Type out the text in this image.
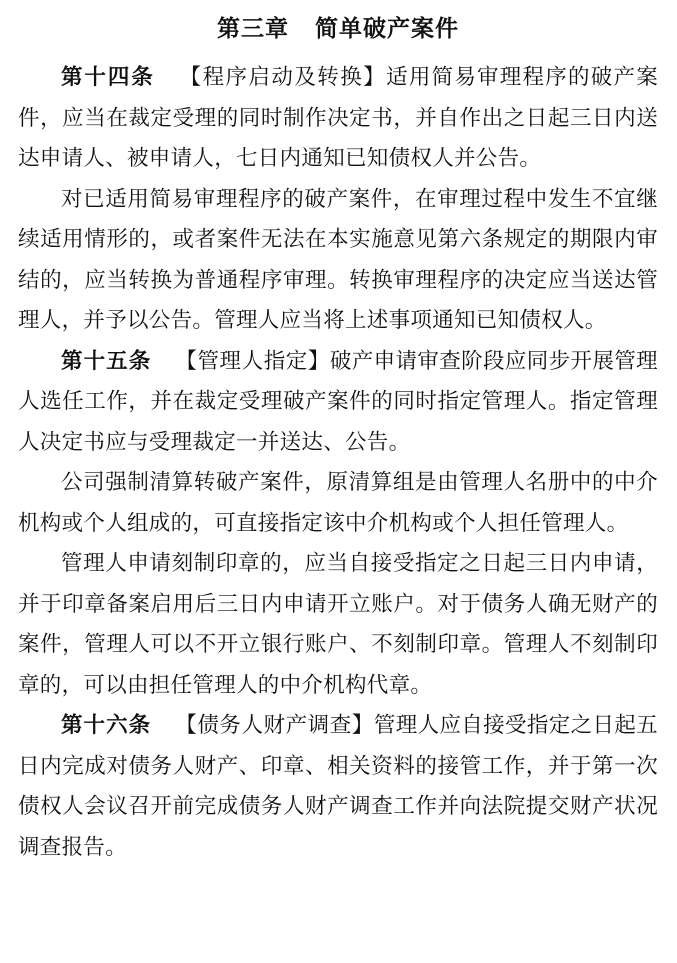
第三章 简单破产案件

第十四条 【程序启动及转换】适用简易审理程序的破产案件，应当在裁定受理的同时制作决定书，并自作出之日起三日内送达申请人、被申请人，七日内通知已知债权人并公告。

对已适用简易审理程序的破产案件，在审理过程中发生不宜继续适用情形的，或者案件无法在本实施意见第六条规定的期限内审结的，应当转换为普通程序审理。转换审理程序的决定应当送达管理人，并予以公告。管理人应当将上述事项通知已知债权人。

第十五条 【管理人指定】破产申请审查阶段应同步开展管理人选任工作，并在裁定受理破产案件的同时指定管理人。指定管理人决定书应与受理裁定一并送达、公告。

公司强制清算转破产案件，原清算组是由管理人名册中的中介机构或个人组成的，可直接指定该中介机构或个人担任管理人。

管理人申请刻制印章的，应当自接受指定之日起三日内申请，并于印章备案启用后三日内申请开立账户。对于债务人确无财产的案件，管理人可以不开立银行账户、不刻制印章。管理人不刻制印章的，可以由担任管理人的中介机构代章。

第十六条 【债务人财产调查】管理人应自接受指定之日起五日内完成对债务人财产、印章、相关资料的接管工作，并于第一次债权人会议召开前完成债务人财产调查工作并向法院提交财产状况调查报告。
